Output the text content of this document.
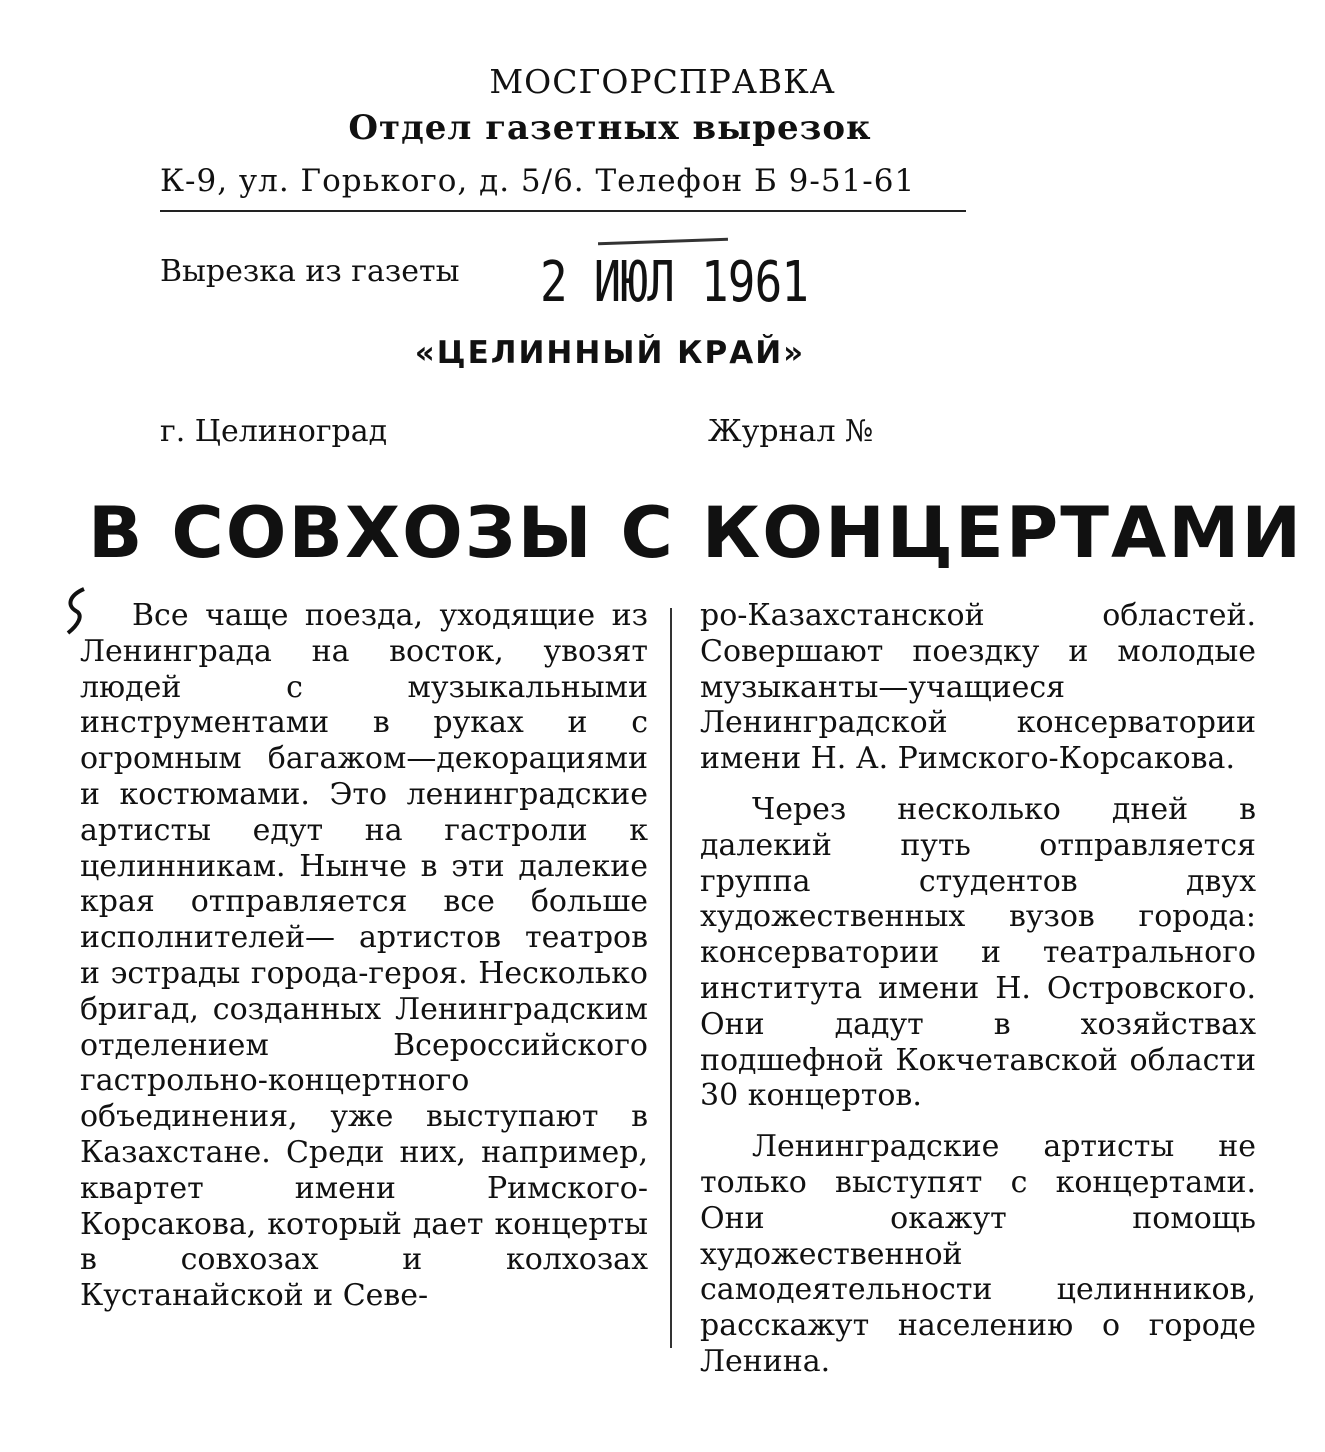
МОСГОРСПРАВКА
Отдел газетных вырезок
К-9, ул. Горького, д. 5/6. Телефон Б 9-51-61
Вырезка из газеты 2 ИЮЛ 1961
«ЦЕЛИННЫЙ КРАЙ»
г. Целиноград	Журнал №
В СОВХОЗЫ С КОНЦЕРТАМИ

Все чаще поезда, уходящие из Ленинграда на восток, увозят людей с музыкальными инструментами в руках и с огромным багажом—декорациями и костюмами. Это ленинградские артисты едут на гастроли к целинникам. Нынче в эти далекие края отправляется все больше исполнителей— артистов театров и эстрады города-героя. Несколько бригад, созданных Ленинградским отделением Всероссийского гастрольно-концертного объединения, уже выступают в Казахстане. Среди них, например, квартет имени Римского-Корсакова, который дает концерты в совхозах и колхозах Кустанайской и Севе-

ро-Казахстанской областей. Совершают поездку и молодые музыканты—учащиеся Ленинградской консерватории имени Н. А. Римского-Корсакова.

Через несколько дней в далекий путь отправляется группа студентов двух художественных вузов города: консерватории и театрального института имени Н. Островского. Они дадут в хозяйствах подшефной Кокчетавской области 30 концертов.

Ленинградские артисты не только выступят с концертами. Они окажут помощь художественной самодеятельности целинников, расскажут населению о городе Ленина.
